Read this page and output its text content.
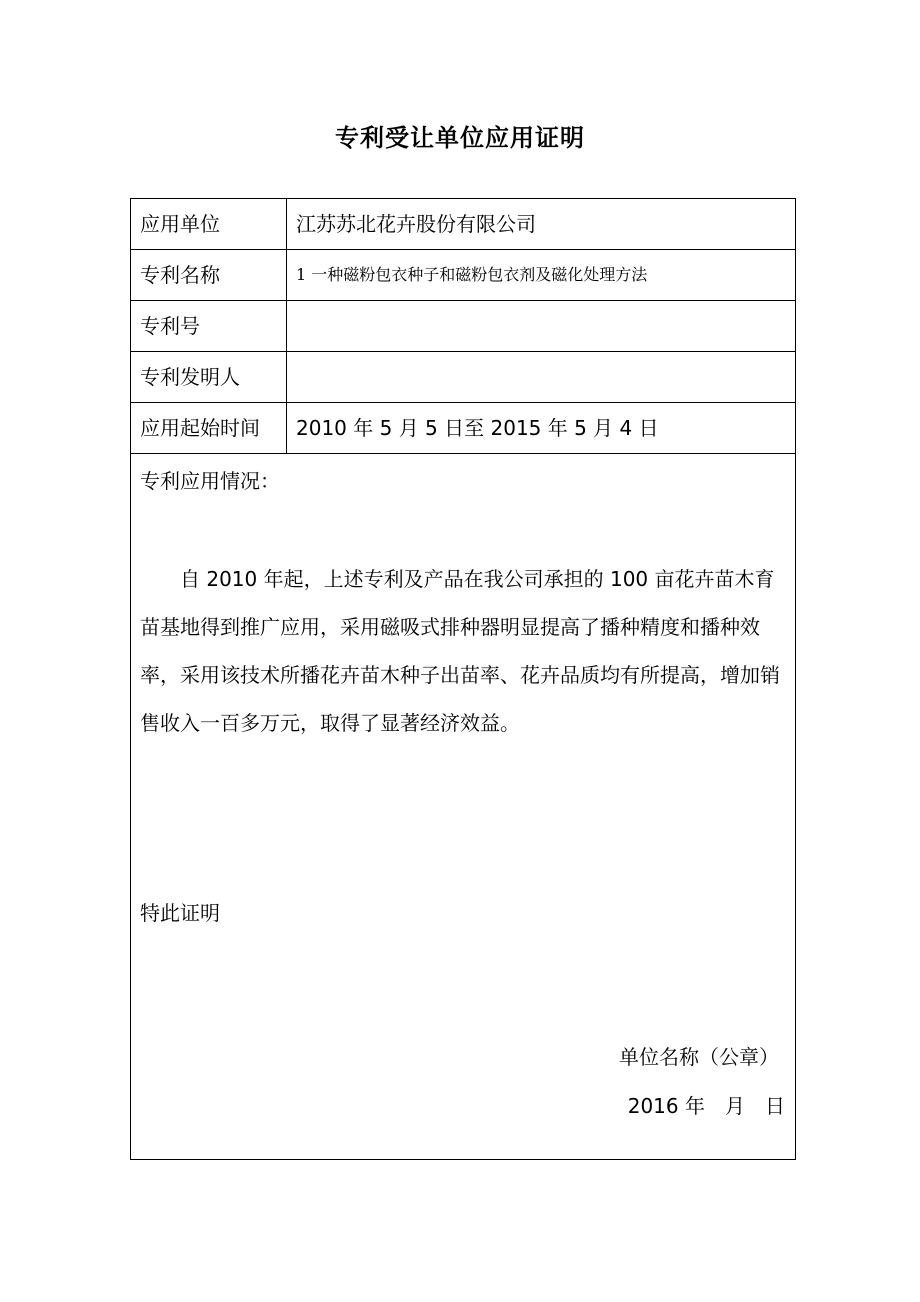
专利受让单位应用证明
应用单位	江苏苏北花卉股份有限公司
专利名称	1 一种磁粉包衣种子和磁粉包衣剂及磁化处理方法
专利号
专利发明人
应用起始时间	2010 年 5 月 5 日至 2015 年 5 月 4 日
专利应用情况：
自 2010 年起，上述专利及产品在我公司承担的 100 亩花卉苗木育苗基地得到推广应用，采用磁吸式排种器明显提高了播种精度和播种效率，采用该技术所播花卉苗木种子出苗率、花卉品质均有所提高，增加销售收入一百多万元，取得了显著经济效益。
特此证明
单位名称（公章）
2016 年 月 日
